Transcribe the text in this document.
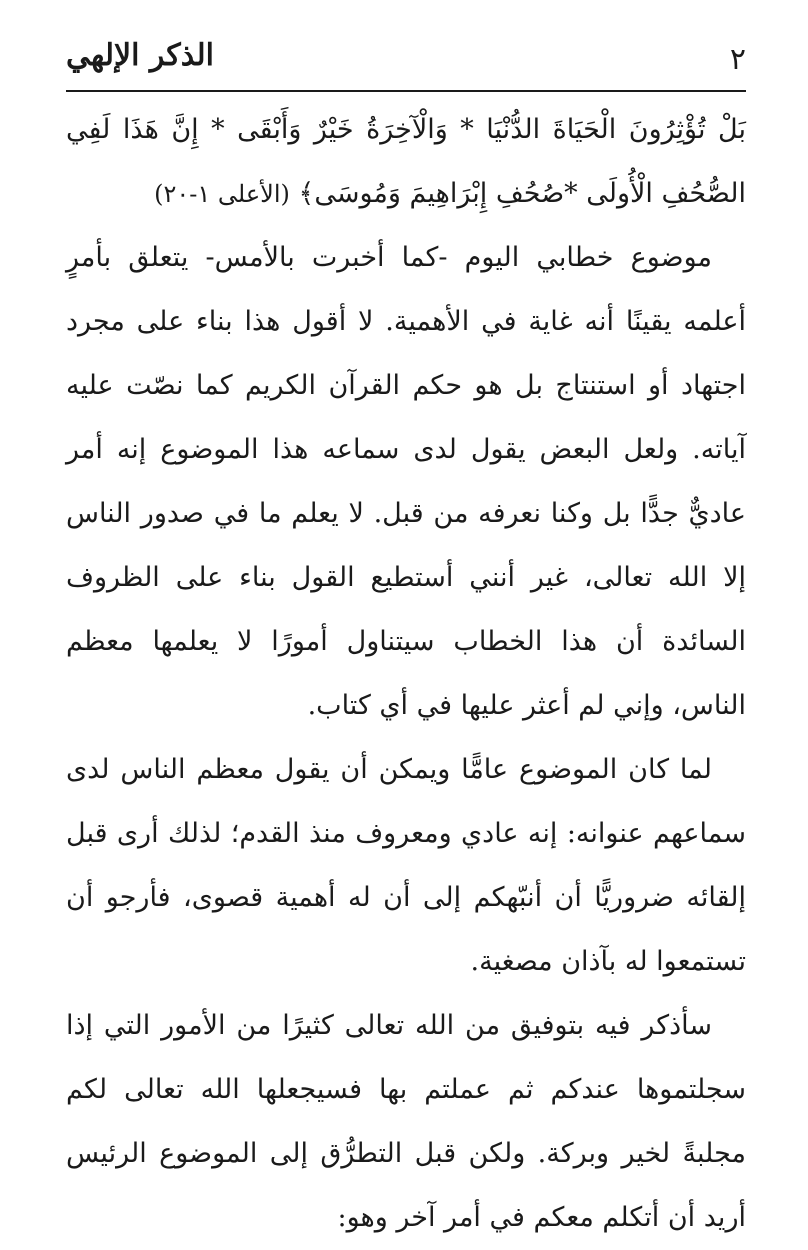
٢
الذكر الإلهي

بَلْ تُؤْثِرُونَ الْحَيَاةَ الدُّنْيَا * وَالْآخِرَةُ خَيْرٌ وَأَبْقَى * إِنَّ هَذَا لَفِي الصُّحُفِ الْأُولَى *صُحُفِ إِبْرَاهِيمَ وَمُوسَى﴾ (الأعلى ١-٢٠)

موضوع خطابي اليوم -كما أخبرت بالأمس- يتعلق بأمرٍ أعلمه يقينًا أنه غاية في الأهمية. لا أقول هذا بناء على مجرد اجتهاد أو استنتاج بل هو حكم القرآن الكريم كما نصّت عليه آياته. ولعل البعض يقول لدى سماعه هذا الموضوع إنه أمر عاديٌّ جدًّا بل وكنا نعرفه من قبل. لا يعلم ما في صدور الناس إلا الله تعالى، غير أنني أستطيع القول بناء على الظروف السائدة أن هذا الخطاب سيتناول أمورًا لا يعلمها معظم الناس، وإني لم أعثر عليها في أي كتاب.

لما كان الموضوع عامًّا ويمكن أن يقول معظم الناس لدى سماعهم عنوانه: إنه عادي ومعروف منذ القدم؛ لذلك أرى قبل إلقائه ضروريًّا أن أنبّهكم إلى أن له أهمية قصوى، فأرجو أن تستمعوا له بآذان مصغية.

سأذكر فيه بتوفيق من الله تعالى كثيرًا من الأمور التي إذا سجلتموها عندكم ثم عملتم بها فسيجعلها الله تعالى لكم مجلبةً لخير وبركة. ولكن قبل التطرُّق إلى الموضوع الرئيس أريد أن أتكلم معكم في أمر آخر وهو:
